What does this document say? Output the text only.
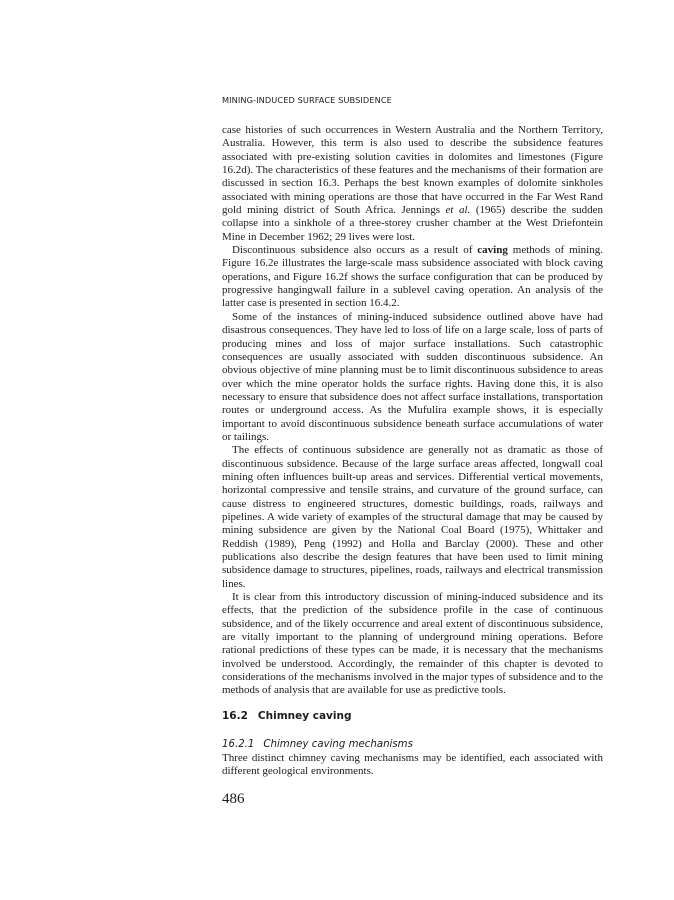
MINING-INDUCED SURFACE SUBSIDENCE

case histories of such occurrences in Western Australia and the Northern Territory, Australia. However, this term is also used to describe the subsidence features associated with pre-existing solution cavities in dolomites and limestones (Figure 16.2d). The characteristics of these features and the mechanisms of their formation are discussed in section 16.3. Perhaps the best known examples of dolomite sinkholes associated with mining operations are those that have occurred in the Far West Rand gold mining district of South Africa. Jennings et al. (1965) describe the sudden collapse into a sinkhole of a three-storey crusher chamber at the West Driefontein Mine in December 1962; 29 lives were lost.

Discontinuous subsidence also occurs as a result of caving methods of mining. Figure 16.2e illustrates the large-scale mass subsidence associated with block caving operations, and Figure 16.2f shows the surface configuration that can be produced by progressive hangingwall failure in a sublevel caving operation. An analysis of the latter case is presented in section 16.4.2.

Some of the instances of mining-induced subsidence outlined above have had disastrous consequences. They have led to loss of life on a large scale, loss of parts of producing mines and loss of major surface installations. Such catastrophic consequences are usually associated with sudden discontinuous subsidence. An obvious objective of mine planning must be to limit discontinuous subsidence to areas over which the mine operator holds the surface rights. Having done this, it is also necessary to ensure that subsidence does not affect surface installations, transportation routes or underground access. As the Mufulira example shows, it is especially important to avoid discontinuous subsidence beneath surface accumulations of water or tailings.

The effects of continuous subsidence are generally not as dramatic as those of discontinuous subsidence. Because of the large surface areas affected, longwall coal mining often influences built-up areas and services. Differential vertical movements, horizontal compressive and tensile strains, and curvature of the ground surface, can cause distress to engineered structures, domestic buildings, roads, railways and pipelines. A wide variety of examples of the structural damage that may be caused by mining subsidence are given by the National Coal Board (1975), Whittaker and Reddish (1989), Peng (1992) and Holla and Barclay (2000). These and other publications also describe the design features that have been used to limit mining subsidence damage to structures, pipelines, roads, railways and electrical transmission lines.

It is clear from this introductory discussion of mining-induced subsidence and its effects, that the prediction of the subsidence profile in the case of continuous subsidence, and of the likely occurrence and areal extent of discontinuous subsidence, are vitally important to the planning of underground mining operations. Before rational predictions of these types can be made, it is necessary that the mechanisms involved be understood. Accordingly, the remainder of this chapter is devoted to considerations of the mechanisms involved in the major types of subsidence and to the methods of analysis that are available for use as predictive tools.

16.2 Chimney caving
16.2.1 Chimney caving mechanisms

Three distinct chimney caving mechanisms may be identified, each associated with different geological environments.

486
